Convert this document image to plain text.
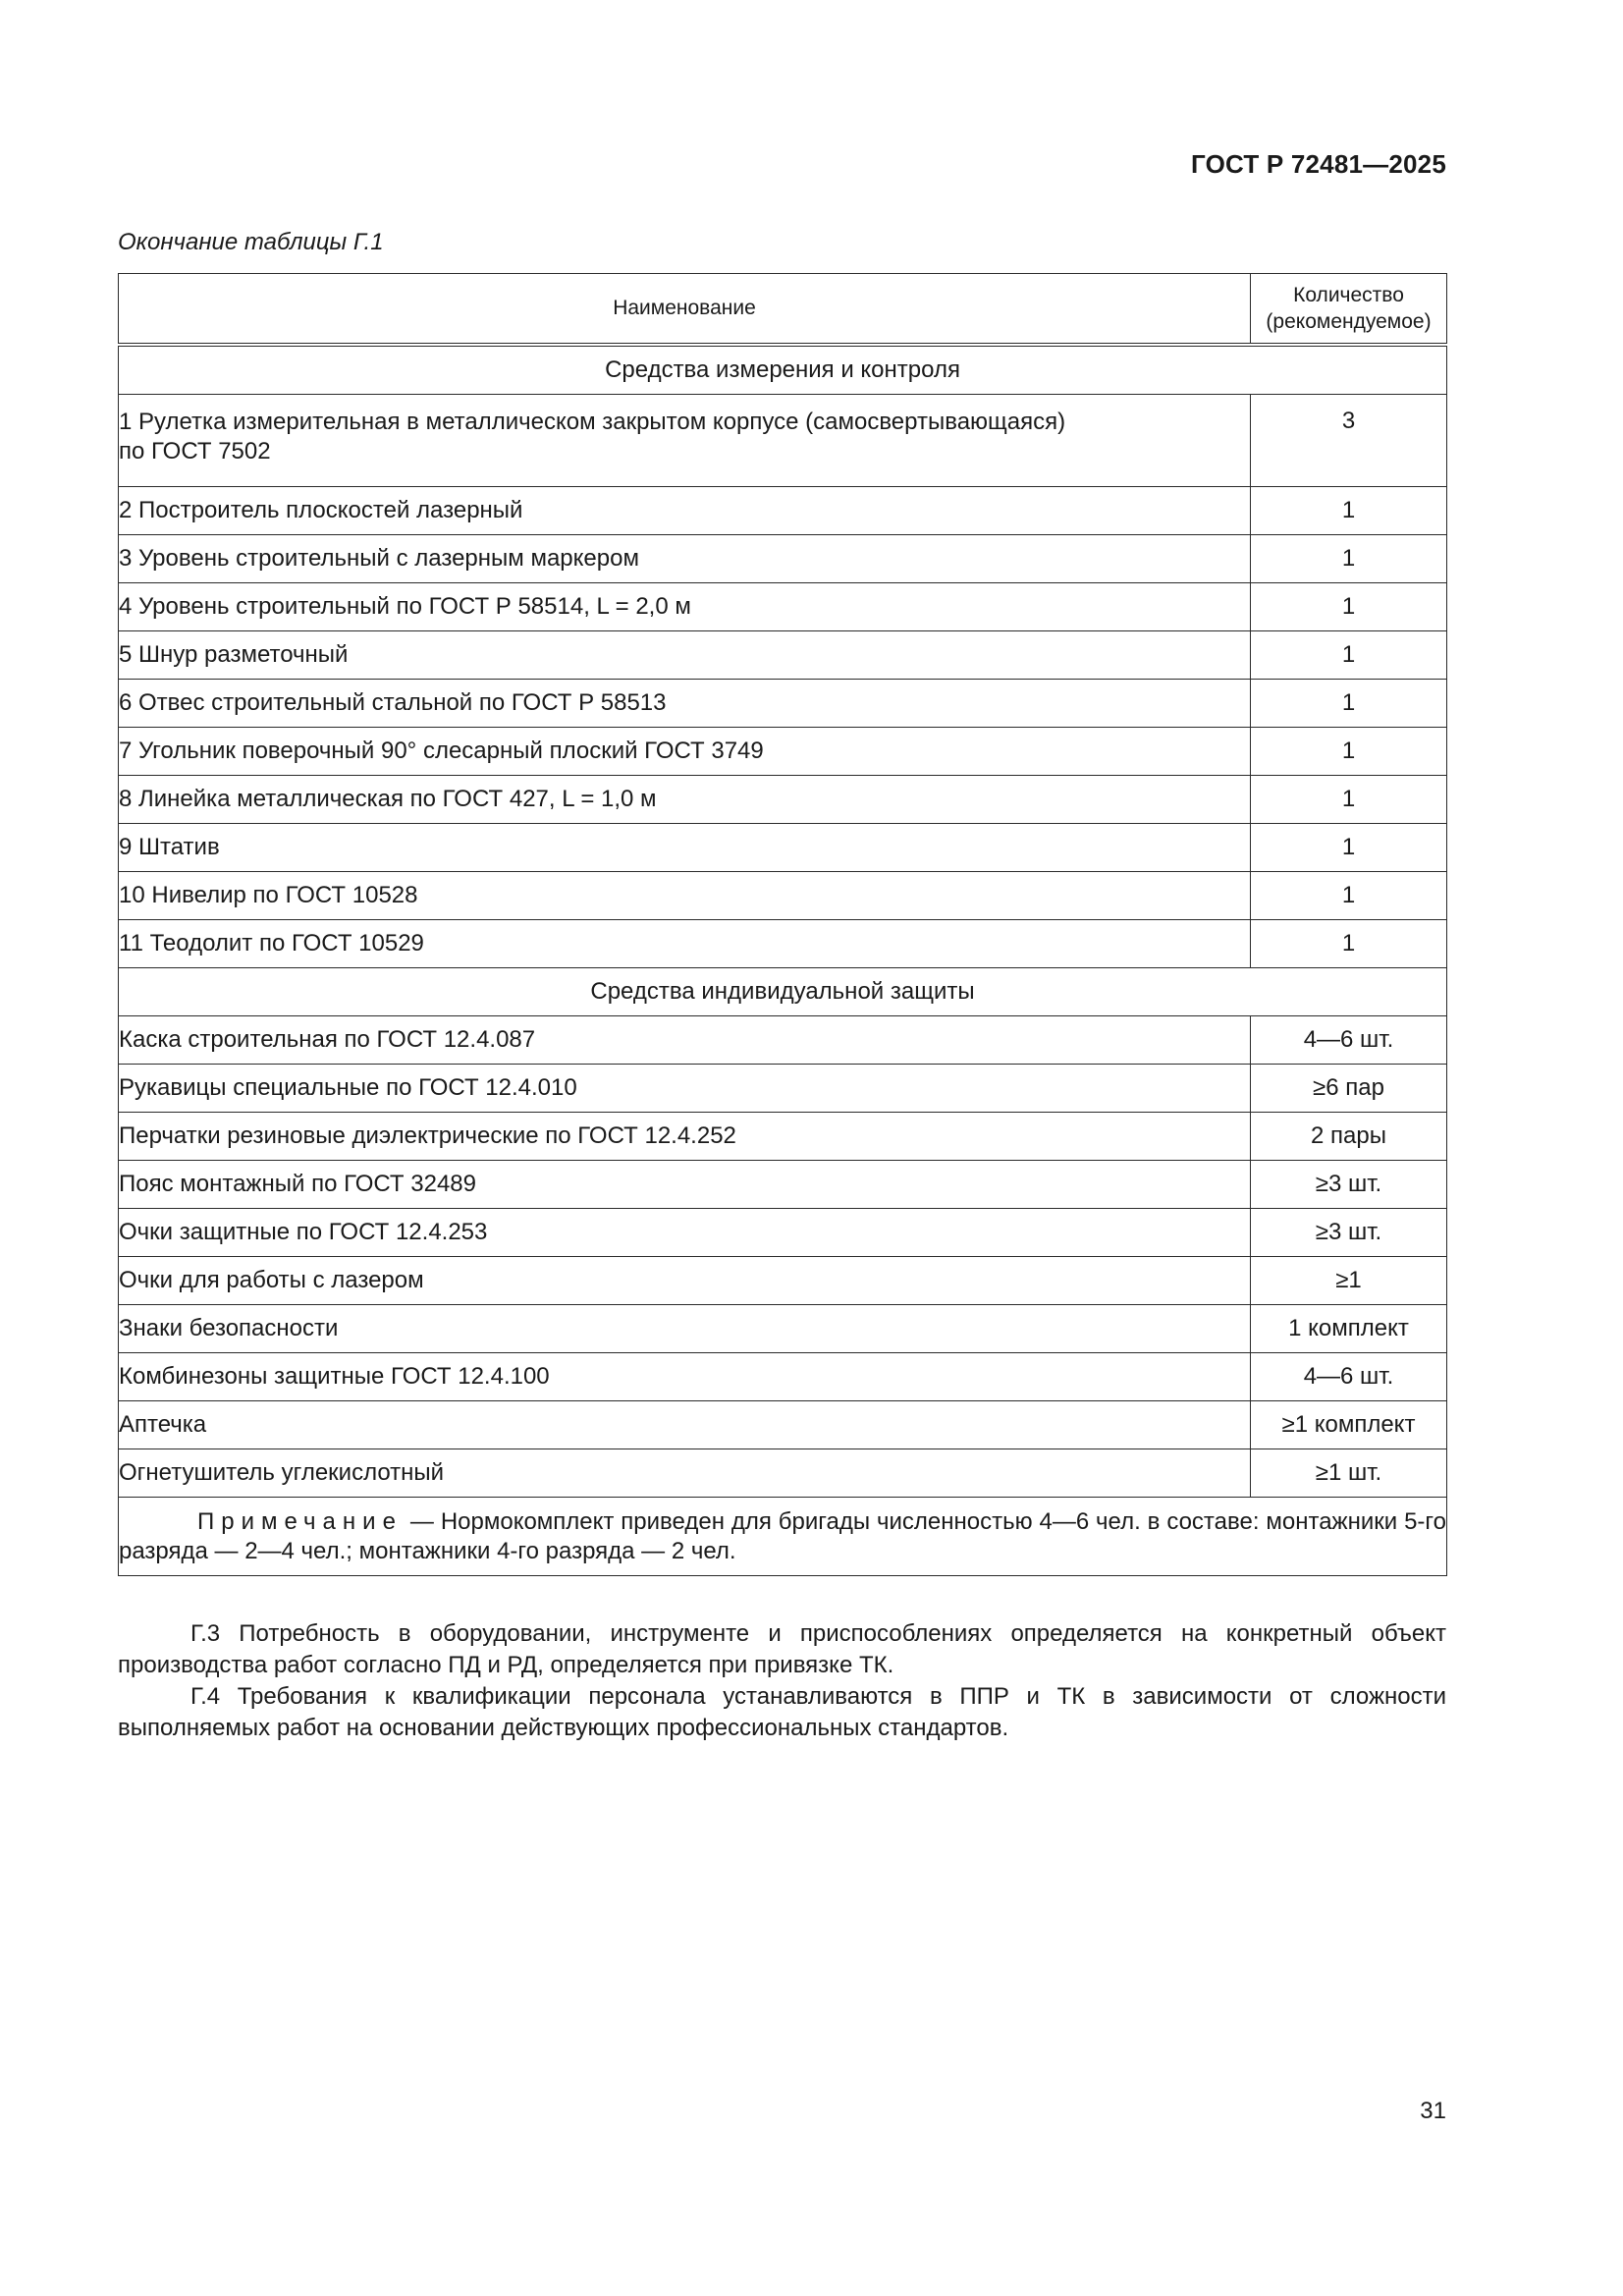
ГОСТ Р 72481—2025
Окончание таблицы Г.1
Наименование	Количество
(рекомендуемое)
Средства измерения и контроля	
1 Рулетка измерительная в металлическом закрытом корпусе (самосвертывающаяся)
по ГОСТ 7502	3
2 Построитель плоскостей лазерный	1
3 Уровень строительный с лазерным маркером	1
4 Уровень строительный по ГОСТ Р 58514, L = 2,0 м	1
5 Шнур разметочный	1
6 Отвес строительный стальной по ГОСТ Р 58513	1
7 Угольник поверочный 90° слесарный плоский ГОСТ 3749	1
8 Линейка металлическая по ГОСТ 427, L = 1,0 м	1
9 Штатив	1
10 Нивелир по ГОСТ 10528	1
11 Теодолит по ГОСТ 10529	1
Средства индивидуальной защиты	
Каска строительная по ГОСТ 12.4.087	4—6 шт.
Рукавицы специальные по ГОСТ 12.4.010	≥6 пар
Перчатки резиновые диэлектрические по ГОСТ 12.4.252	2 пары
Пояс монтажный по ГОСТ 32489	≥3 шт.
Очки защитные по ГОСТ 12.4.253	≥3 шт.
Очки для работы с лазером	≥1
Знаки безопасности	1 комплект
Комбинезоны защитные ГОСТ 12.4.100	4—6 шт.
Аптечка	≥1 комплект
Огнетушитель углекислотный	≥1 шт.
Примечание — Нормокомплект приведен для бригады численностью 4—6 чел. в составе: монтажники 5-го разряда — 2—4 чел.; монтажники 4-го разряда — 2 чел.	

Г.3 Потребность в оборудовании, инструменте и приспособлениях определяется на конкретный объект производства работ согласно ПД и РД, определяется при привязке ТК.

Г.4 Требования к квалификации персонала устанавливаются в ППР и ТК в зависимости от сложности выполняемых работ на основании действующих профессиональных стандартов.

31
